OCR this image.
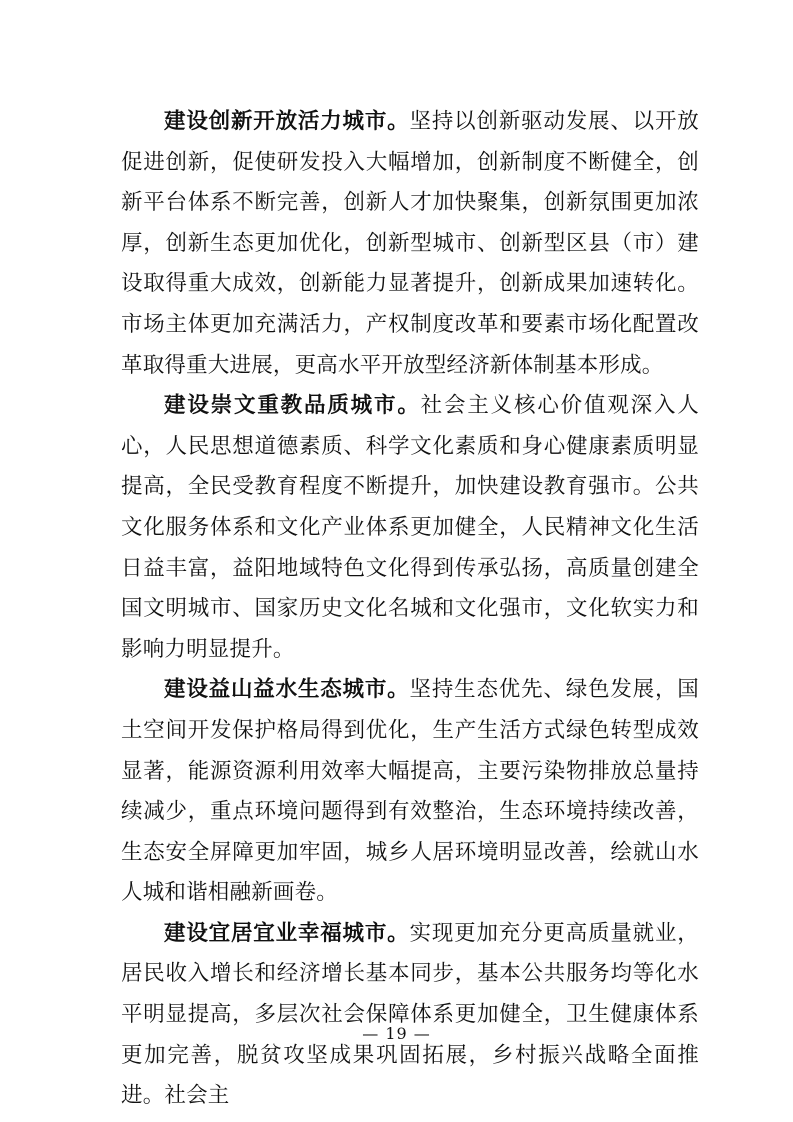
建设创新开放活力城市。坚持以创新驱动发展、以开放促进创新，促使研发投入大幅增加，创新制度不断健全，创新平台体系不断完善，创新人才加快聚集，创新氛围更加浓厚，创新生态更加优化，创新型城市、创新型区县（市）建设取得重大成效，创新能力显著提升，创新成果加速转化。市场主体更加充满活力，产权制度改革和要素市场化配置改革取得重大进展，更高水平开放型经济新体制基本形成。

建设崇文重教品质城市。社会主义核心价值观深入人心，人民思想道德素质、科学文化素质和身心健康素质明显提高，全民受教育程度不断提升，加快建设教育强市。公共文化服务体系和文化产业体系更加健全，人民精神文化生活日益丰富，益阳地域特色文化得到传承弘扬，高质量创建全国文明城市、国家历史文化名城和文化强市，文化软实力和影响力明显提升。

建设益山益水生态城市。坚持生态优先、绿色发展，国土空间开发保护格局得到优化，生产生活方式绿色转型成效显著，能源资源利用效率大幅提高，主要污染物排放总量持续减少，重点环境问题得到有效整治，生态环境持续改善，生态安全屏障更加牢固，城乡人居环境明显改善，绘就山水人城和谐相融新画卷。

建设宜居宜业幸福城市。实现更加充分更高质量就业，居民收入增长和经济增长基本同步，基本公共服务均等化水平明显提高，多层次社会保障体系更加健全，卫生健康体系更加完善，脱贫攻坚成果巩固拓展，乡村振兴战略全面推进。社会主

— 19 —
